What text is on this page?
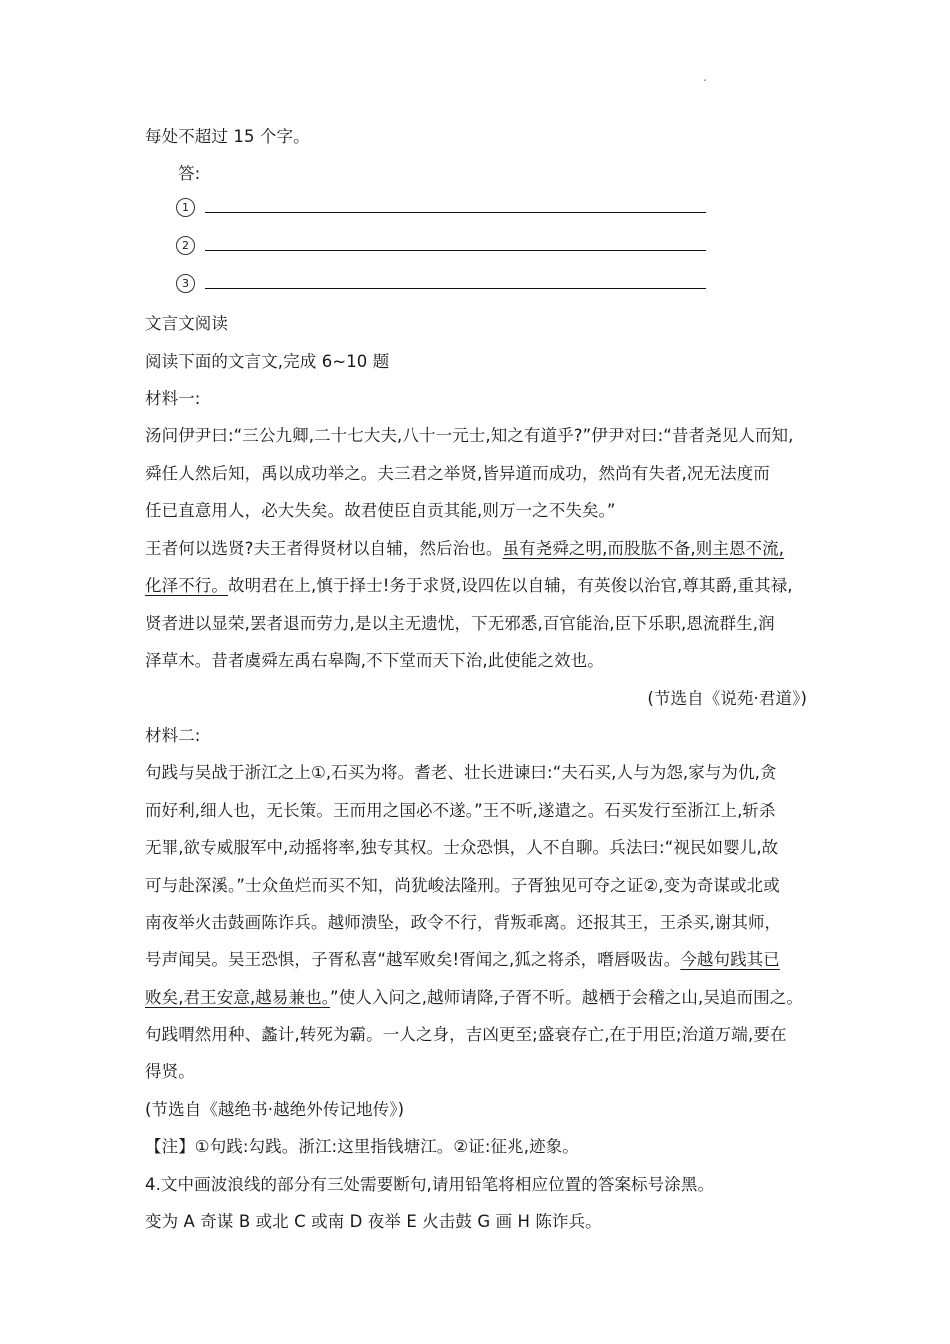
.
每处不超过 15 个字。
答:
1
2
3
文言文阅读
阅读下面的文言文,完成 6~10 题
材料一:
汤问伊尹曰:“三公九卿,二十七大夫,八十一元士,知之有道乎?”伊尹对曰:“昔者尧见人而知,
舜任人然后知，禹以成功举之。夫三君之举贤,皆异道而成功，然尚有失者,况无法度而
任已直意用人，必大失矣。故君使臣自贡其能,则万一之不失矣。”
王者何以选贤?夫王者得贤材以自辅，然后治也。虽有尧舜之明,而股肱不备,则主恩不流,
化泽不行。故明君在上,慎于择士!务于求贤,设四佐以自辅，有英俊以治官,尊其爵,重其禄,
贤者进以显荣,罢者退而劳力,是以主无遗忧，下无邪悉,百官能治,臣下乐职,恩流群生,润
泽草木。昔者虞舜左禹右皋陶,不下堂而天下治,此使能之效也。
(节选自《说苑·君道》)
材料二:
句践与吴战于浙江之上①,石买为将。耆老、壮长进谏曰:“夫石买,人与为怨,家与为仇,贪
而好利,细人也，无长策。王而用之国必不遂。”王不听,遂遣之。石买发行至浙江上,斩杀
无罪,欲专威服军中,动摇将率,独专其权。士众恐惧，人不自聊。兵法曰:“视民如婴儿,故
可与赴深溪。”士众鱼烂而买不知，尚犹峻法隆刑。子胥独见可夺之证②,变为奇谋或北或
南夜举火击鼓画陈诈兵。越师溃坠，政令不行，背叛乖离。还报其王，王杀买,谢其师，
号声闻吴。吴王恐惧，子胥私喜“越军败矣!胥闻之,狐之将杀，噆唇吸齿。今越句践其已
败矣,君王安意,越易兼也。”使人入问之,越师请降,子胥不听。越栖于会稽之山,吴追而围之。
句践喟然用种、蠡计,转死为霸。一人之身，吉凶更至;盛衰存亡,在于用臣;治道万端,要在
得贤。
(节选自《越绝书·越绝外传记地传》)
【注】①句践:勾践。浙江:这里指钱塘江。②证:征兆,迹象。
4.文中画波浪线的部分有三处需要断句,请用铅笔将相应位置的答案标号涂黑。
变为 A 奇谋 B 或北 C 或南 D 夜举 E 火击鼓 G 画 H 陈诈兵。
